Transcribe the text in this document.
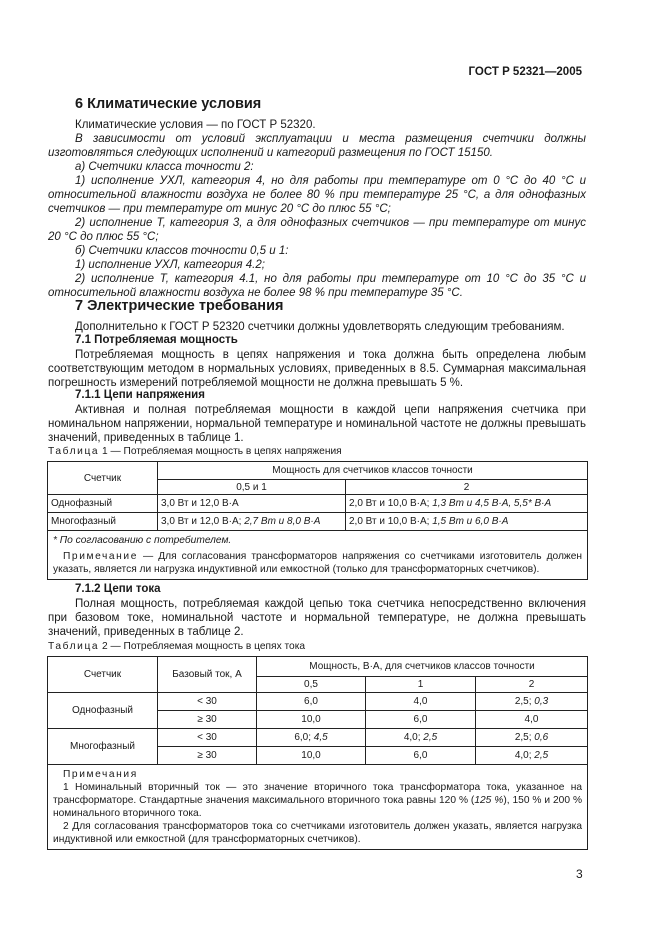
ГОСТ Р 52321—2005
6 Климатические условия

Климатические условия — по ГОСТ Р 52320.

В зависимости от условий эксплуатации и места размещения счетчики должны изготовляться следующих исполнений и категорий размещения по ГОСТ 15150.

а) Счетчики класса точности 2:

1) исполнение УХЛ, категория 4, но для работы при температуре от 0 °С до 40 °С и относительной влажности воздуха не более 80 % при температуре 25 °С, а для однофазных счетчиков — при температуре от минус 20 °С до плюс 55 °С;

2) исполнение Т, категория 3, а для однофазных счетчиков — при температуре от минус 20 °С до плюс 55 °С;

б) Счетчики классов точности 0,5 и 1:

1) исполнение УХЛ, категория 4.2;

2) исполнение Т, категория 4.1, но для работы при температуре от 10 °С до 35 °С и относительной влажности воздуха не более 98 % при температуре 35 °С.

7 Электрические требования

Дополнительно к ГОСТ Р 52320 счетчики должны удовлетворять следующим требованиям.

7.1 Потребляемая мощность

Потребляемая мощность в цепях напряжения и тока должна быть определена любым соответствующим методом в нормальных условиях, приведенных в 8.5. Суммарная максимальная погрешность измерений потребляемой мощности не должна превышать 5 %.

7.1.1 Цепи напряжения

Активная и полная потребляемая мощности в каждой цепи напряжения счетчика при номинальном напряжении, нормальной температуре и номинальной частоте не должны превышать значений, приведенных в таблице 1.

Таблица 1 — Потребляемая мощность в цепях напряжения
Счетчик	Мощность для счетчиков классов точности	
	0,5 и 1	2
Однофазный	3,0 Вт и 12,0 В·А	2,0 Вт и 10,0 В·А; 1,3 Вт и 4,5 В·А, 5,5* В·А
Многофазный	3,0 Вт и 12,0 В·А; 2,7 Вт и 8,0 В·А	2,0 Вт и 10,0 В·А; 1,5 Вт и 6,0 В·А

* По согласованию с потребителем.
Примечание — Для согласования трансформаторов напряжения со счетчиками изготовитель должен указать, является ли нагрузка индуктивной или емкостной (только для трансформаторных счетчиков).		
7.1.2 Цепи тока

Полная мощность, потребляемая каждой цепью тока счетчика непосредственно включения при базовом токе, номинальной частоте и нормальной температуре, не должна превышать значений, приведенных в таблице 2.

Таблица 2 — Потребляемая мощность в цепях тока
Счетчик	Базовый ток, А	Мощность, В·А, для счетчиков классов точности		
		0,5	1	2
Однофазный	< 30	6,0	4,0	2,5; 0,3
	≥ 30	10,0	6,0	4,0
Многофазный	< 30	6,0; 4,5	4,0; 2,5	2,5; 0,6
	≥ 30	10,0	6,0	4,0; 2,5

Примечания
1 Номинальный вторичный ток — это значение вторичного тока трансформатора тока, указанное на трансформаторе. Стандартные значения максимального вторичного тока равны 120 % (125 %), 150 % и 200 % номинального вторичного тока.
2 Для согласования трансформаторов тока со счетчиками изготовитель должен указать, является нагрузка индуктивной или емкостной (для трансформаторных счетчиков).				
3
